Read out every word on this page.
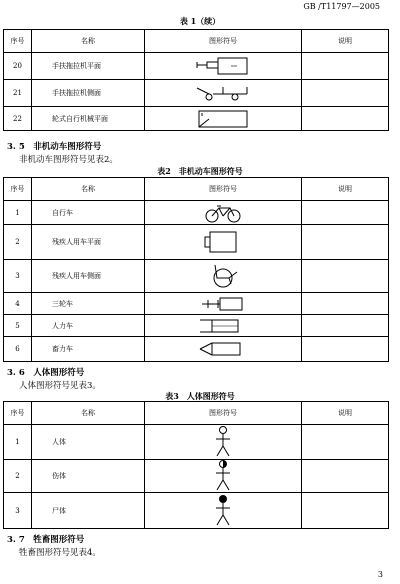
GB /T11797—2005
表 1（续）
序号	名称	图形符号	说明
20	手扶拖拉机平面	

21	手扶拖拉机侧面	

22	轮式自行机械平面	

3. 5　非机动车图形符号
非机动车图形符号见表2。
表2　非机动车图形符号
序号	名称	图形符号	说明
1	自行车	

2	残疾人用车平面	

3	残疾人用车侧面	

4	三轮车	

5	人力车	

6	畜力车	

3. 6　人体图形符号
人体图形符号见表3。
表3　人体图形符号
序号	名称	图形符号	说明
1	人体	

2	伤体	

3	尸体	

3. 7　牲畜图形符号
牲畜图形符号见表4。
3
